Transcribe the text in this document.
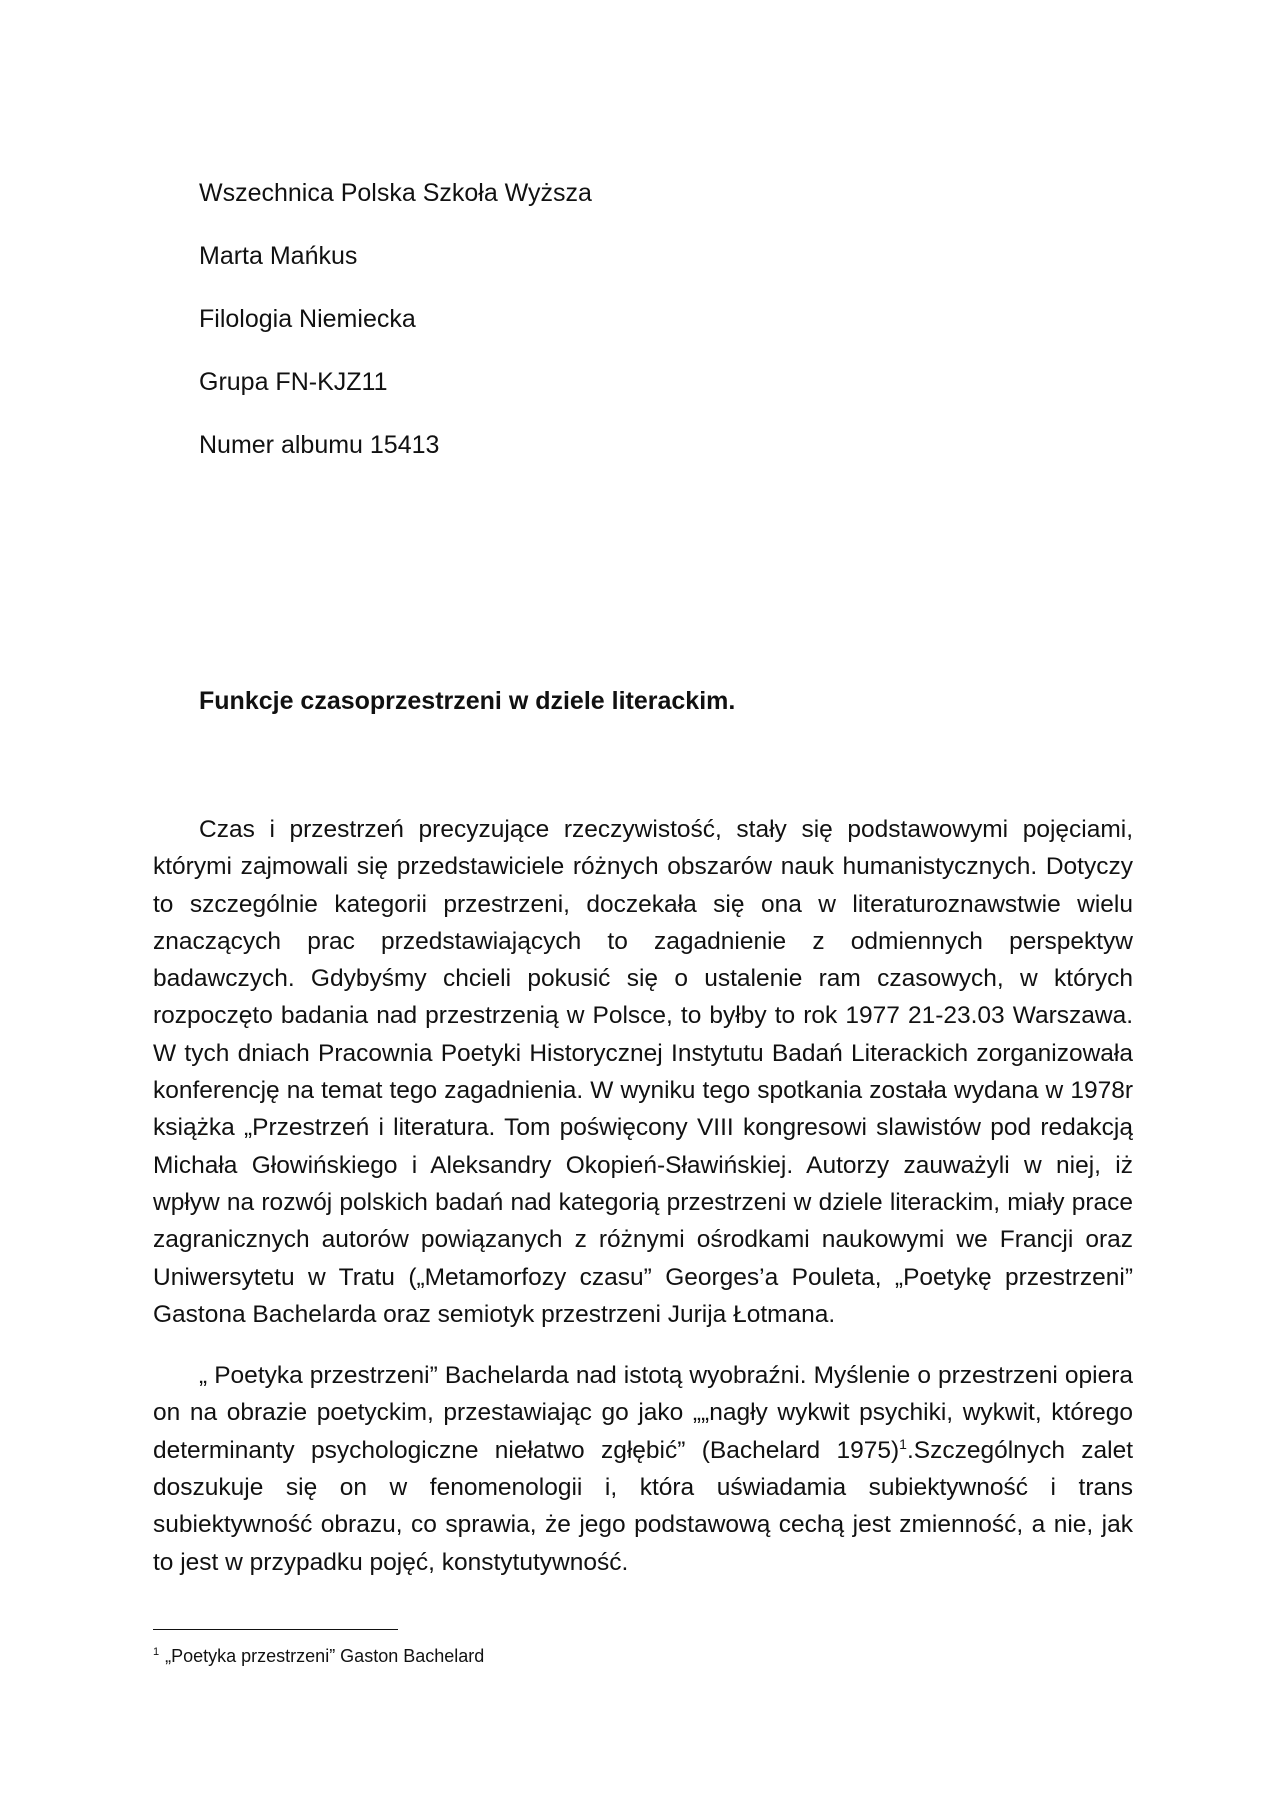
Wszechnica Polska Szkoła Wyższa
Marta Mańkus
Filologia Niemiecka
Grupa FN-KJZ11
Numer albumu 15413
Funkcje czasoprzestrzeni w dziele literackim.

Czas i przestrzeń precyzujące rzeczywistość, stały się podstawowymi pojęciami, którymi zajmowali się przedstawiciele różnych obszarów nauk humanistycznych. Dotyczy to szczególnie kategorii przestrzeni, doczekała się ona w literaturoznawstwie wielu znaczących prac przedstawiających to zagadnienie z odmiennych perspektyw badawczych. Gdybyśmy chcieli pokusić się o ustalenie ram czasowych, w których rozpoczęto badania nad przestrzenią w Polsce, to byłby to rok 1977 21-23.03 Warszawa. W tych dniach Pracownia Poetyki Historycznej Instytutu Badań Literackich zorganizowała konferencję na temat tego zagadnienia. W wyniku tego spotkania została wydana w 1978r książka „Przestrzeń i literatura. Tom poświęcony VIII kongresowi slawistów pod redakcją Michała Głowińskiego i Aleksandry Okopień-Sławińskiej. Autorzy zauważyli w niej, iż wpływ na rozwój polskich badań nad kategorią przestrzeni w dziele literackim, miały prace zagranicznych autorów powiązanych z różnymi ośrodkami naukowymi we Francji oraz Uniwersytetu w Tratu („Metamorfozy czasu” Georges’a Pouleta, „Poetykę przestrzeni” Gastona Bachelarda oraz semiotyk przestrzeni Jurija Łotmana.

„ Poetyka przestrzeni” Bachelarda nad istotą wyobraźni. Myślenie o przestrzeni opiera on na obrazie poetyckim, przestawiając go jako „„nagły wykwit psychiki, wykwit, którego determinanty psychologiczne niełatwo zgłębić” (Bachelard 1975)$^1$.Szczególnych zalet doszukuje się on w fenomenologii i, która uświadamia subiektywność i trans subiektywność obrazu, co sprawia, że jego podstawową cechą jest zmienność, a nie, jak to jest w przypadku pojęć, konstytutywność.

$^1$ „Poetyka przestrzeni” Gaston Bachelard
